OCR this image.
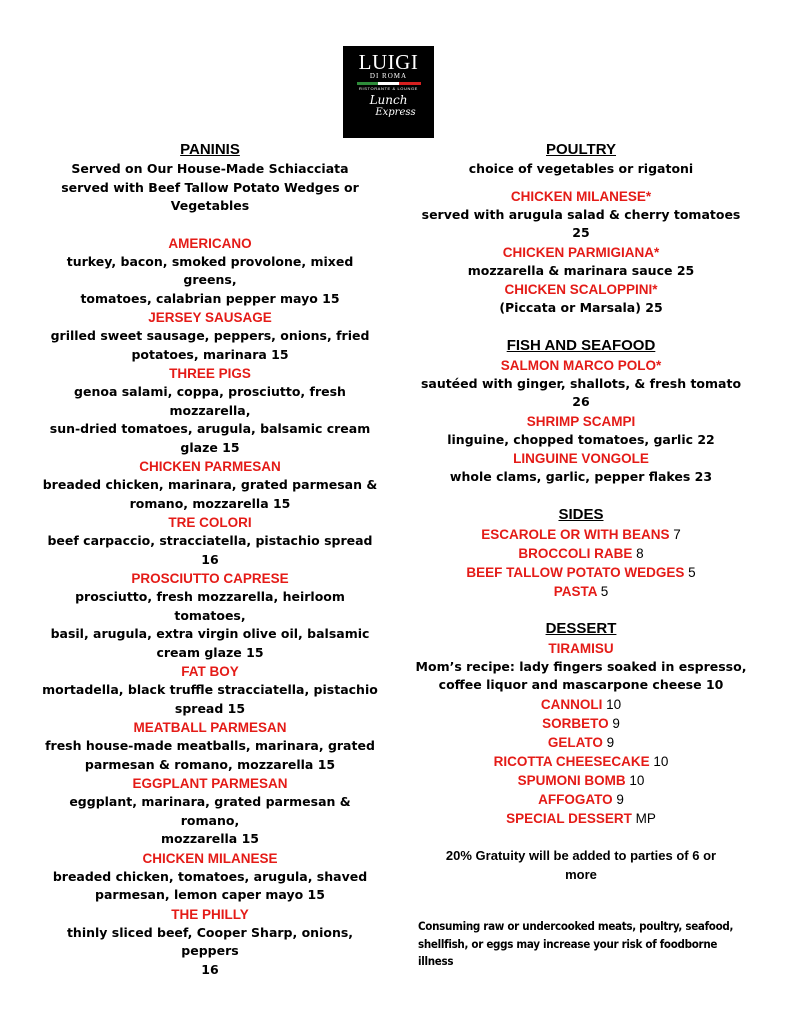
LUIGI
DI ROMA
RISTORANTE & LOUNGE
Lunch
Express
PANINIS
Served on Our House-Made Schiacciata
served with Beef Tallow Potato Wedges or
Vegetables
AMERICANO
turkey, bacon, smoked provolone, mixed greens,
tomatoes, calabrian pepper mayo 15
JERSEY SAUSAGE
grilled sweet sausage, peppers, onions, fried
potatoes, marinara 15
THREE PIGS
genoa salami, coppa, prosciutto, fresh mozzarella,
sun-dried tomatoes, arugula, balsamic cream
glaze 15
CHICKEN PARMESAN
breaded chicken, marinara, grated parmesan &
romano, mozzarella 15
TRE COLORI
beef carpaccio, stracciatella, pistachio spread 16
PROSCIUTTO CAPRESE
prosciutto, fresh mozzarella, heirloom tomatoes,
basil, arugula, extra virgin olive oil, balsamic
cream glaze 15
FAT BOY
mortadella, black truffle stracciatella, pistachio
spread 15
MEATBALL PARMESAN
fresh house-made meatballs, marinara, grated
parmesan & romano, mozzarella 15
EGGPLANT PARMESAN
eggplant, marinara, grated parmesan & romano,
mozzarella 15
CHICKEN MILANESE
breaded chicken, tomatoes, arugula, shaved
parmesan, lemon caper mayo 15
THE PHILLY
thinly sliced beef, Cooper Sharp, onions, peppers
16
POULTRY
choice of vegetables or rigatoni
CHICKEN MILANESE*
served with arugula salad & cherry tomatoes 25
CHICKEN PARMIGIANA*
mozzarella & marinara sauce 25
CHICKEN SCALOPPINI*
(Piccata or Marsala) 25
FISH AND SEAFOOD
SALMON MARCO POLO*
sautéed with ginger, shallots, & fresh tomato 26
SHRIMP SCAMPI
linguine, chopped tomatoes, garlic 22
LINGUINE VONGOLE
whole clams, garlic, pepper flakes 23
SIDES
ESCAROLE OR WITH BEANS 7
BROCCOLI RABE 8
BEEF TALLOW POTATO WEDGES 5
PASTA 5
DESSERT
TIRAMISU
Mom’s recipe: lady fingers soaked in espresso,
coffee liquor and mascarpone cheese 10
CANNOLI 10
SORBETO 9
GELATO 9
RICOTTA CHEESECAKE 10
SPUMONI BOMB 10
AFFOGATO 9
SPECIAL DESSERT MP
20% Gratuity will be added to parties of 6 or
more
Consuming raw or undercooked meats, poultry, seafood,
shellfish, or eggs may increase your risk of foodborne
illness
